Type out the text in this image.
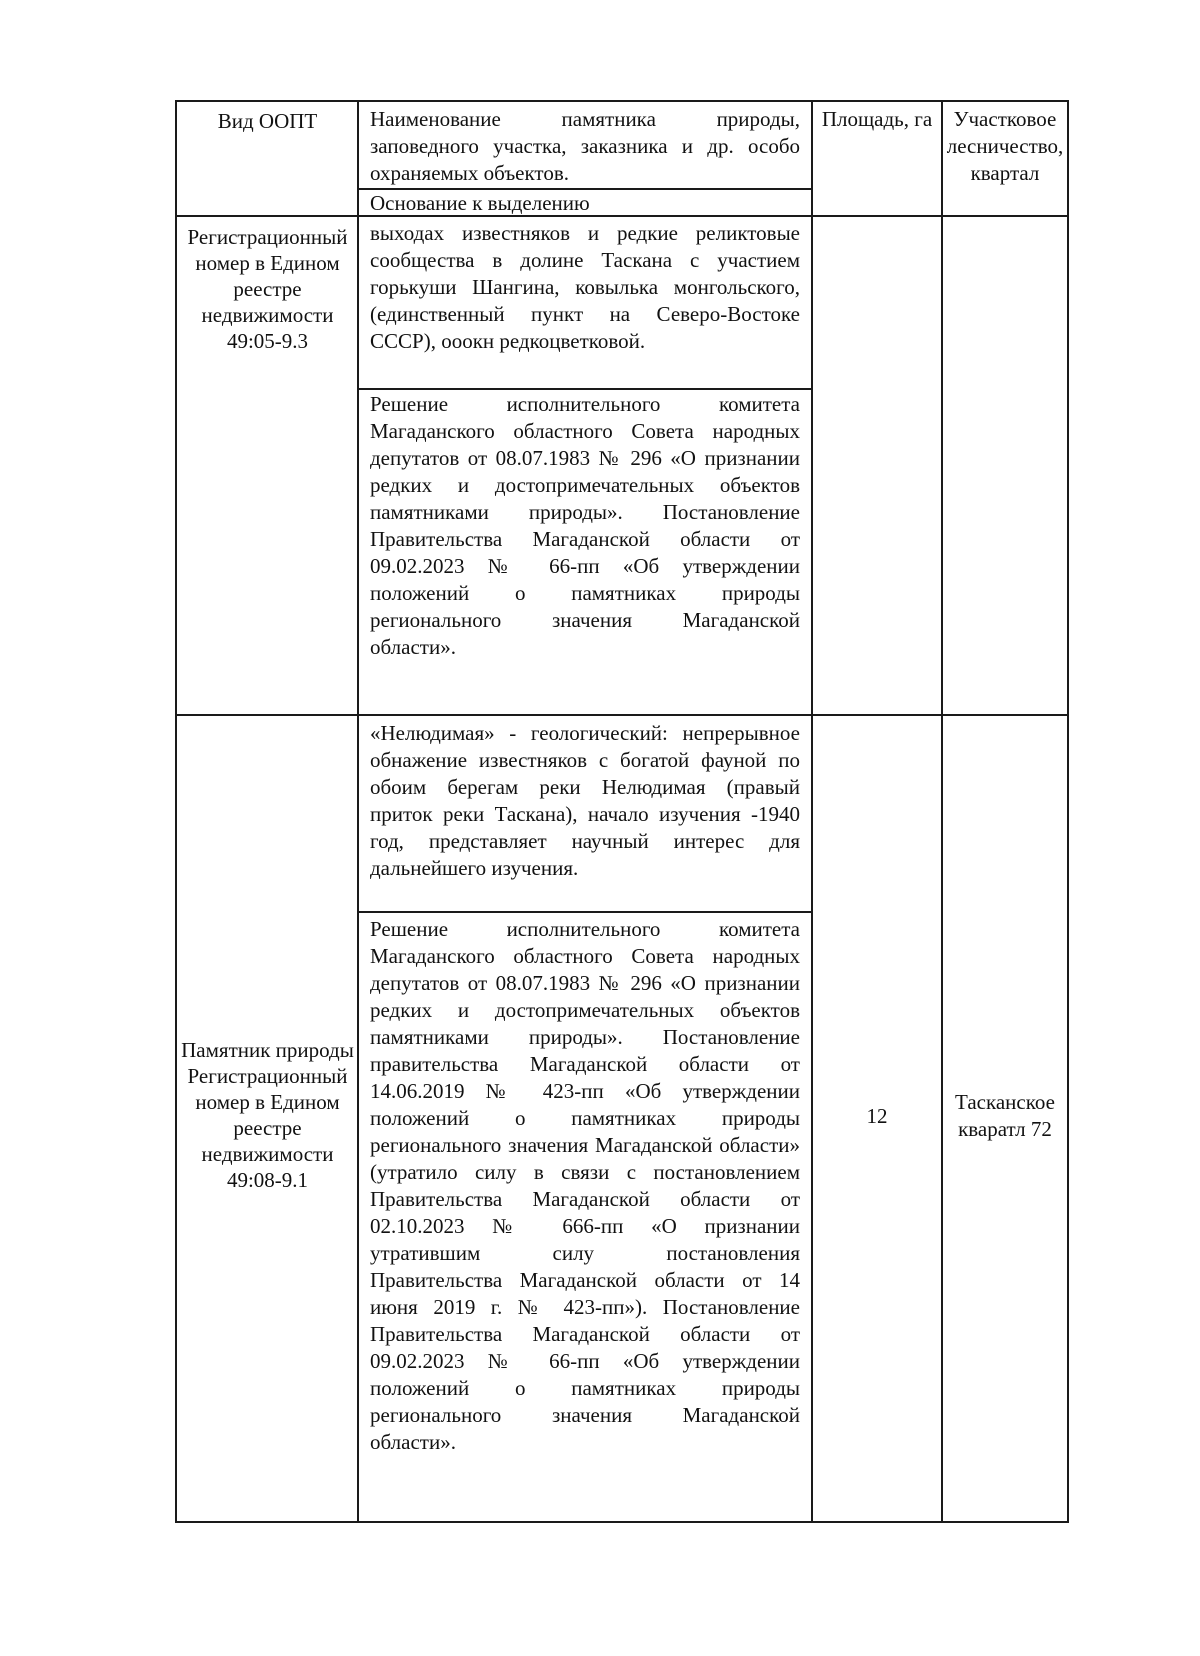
Вид ООПТ	Наименование памятника природы, заповедного участка, заказника и др. особо охраняемых объектов.
Основание к выделению
Площадь, га	Участковое лесничество, квартал
Регистрационный номер в Едином реестре недвижимости 49:05-9.3
выходах известняков и редкие реликтовые сообщества в долине Таскана с участием горькуши Шангина, ковылька монгольского, (единственный пункт на Северо-Востоке СССР), ооокн редкоцветковой.
Решение исполнительного комитета Магаданского областного Совета народных депутатов от 08.07.1983 № 296 «О признании редких и достопримечательных объектов памятниками природы». Постановление Правительства Магаданской области от 09.02.2023 № 66-пп «Об утверждении положений о памятниках природы регионального значения Магаданской области».
Памятник природы Регистрационный номер в Едином реестре недвижимости 49:08-9.1
«Нелюдимая» - геологический: непрерывное обнажение известняков с богатой фауной по обоим берегам реки Нелюдимая (правый приток реки Таскана), начало изучения -1940 год, представляет научный интерес для дальнейшего изучения.
Решение исполнительного комитета Магаданского областного Совета народных депутатов от 08.07.1983 № 296 «О признании редких и достопримечательных объектов памятниками природы». Постановление правительства Магаданской области от 14.06.2019 № 423-пп «Об утверждении положений о памятниках природы регионального значения Магаданской области» (утратило силу в связи с постановлением Правительства Магаданской области от 02.10.2023 № 666-пп «О признании утратившим силу постановления Правительства Магаданской области от 14 июня 2019 г. № 423-пп»). Постановление Правительства Магаданской области от 09.02.2023 № 66-пп «Об утверждении положений о памятниках природы регионального значения Магаданской области».
12
Тасканское кваратл 72
